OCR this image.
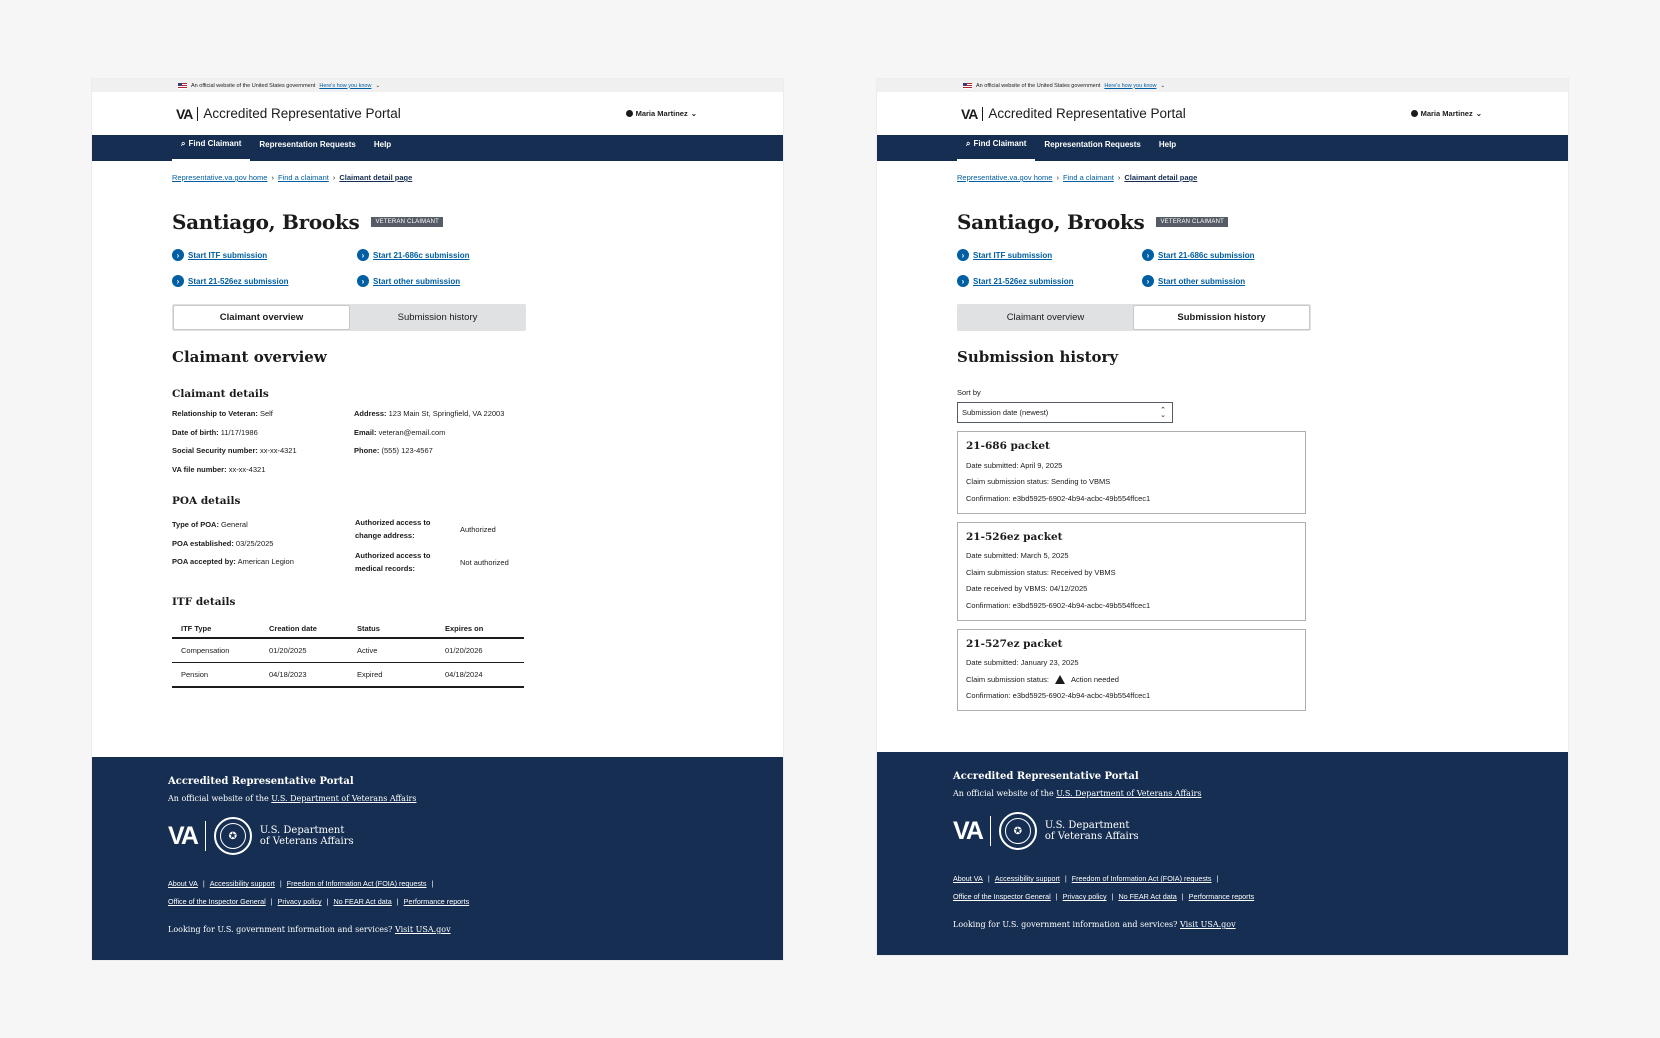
An official website of the United States government Here's how you know ⌄
VA Accredited Representative Portal	Maria Martinez ⌄
⌕ Find Claimant Representation Requests Help
Representative.va.gov home › Find a claimant › Claimant detail page
Santiago, Brooks	VETERAN CLAIMANT
›	Start ITF submission	›	Start 21-686c submission
›	Start 21-526ez submission	›	Start other submission
Claimant overview	Submission history
Claimant overview
Claimant details
Relationship to Veteran: Self
Date of birth: 11/17/1986
Social Security number: xx-xx-4321
VA file number: xx-xx-4321
Address: 123 Main St, Springfield, VA 22003
Email: veteran@email.com
Phone: (555) 123-4567
POA details
Type of POA: General
POA established: 03/25/2025
POA accepted by: American Legion
Authorized access to
change address:
Authorized
Authorized access to
medical records:
Not authorized
ITF details
ITF Type	Creation date	Status	Expires on
Compensation	01/20/2025	Active	01/20/2026
Pension	04/18/2023	Expired	04/18/2024
Accredited Representative Portal
An official website of the U.S. Department of Veterans Affairs
VA	✪	U.S. Department
of Veterans Affairs
About VA | Accessibility support | Freedom of Information Act (FOIA) requests |
Office of the Inspector General | Privacy policy | No FEAR Act data | Performance reports
Looking for U.S. government information and services? Visit USA.gov
An official website of the United States government Here's how you know ⌄
VA Accredited Representative Portal	Maria Martinez ⌄
⌕ Find Claimant Representation Requests Help
Representative.va.gov home › Find a claimant › Claimant detail page
Santiago, Brooks	VETERAN CLAIMANT
›	Start ITF submission	›	Start 21-686c submission
›	Start 21-526ez submission	›	Start other submission
Claimant overview	Submission history
Submission history
Sort by
Submission date (newest)	⌃
⌄
21-686 packet
Date submitted: April 9, 2025
Claim submission status: Sending to VBMS
Confirmation: e3bd5925-6902-4b94-acbc-49b554ffcec1
21-526ez packet
Date submitted: March 5, 2025
Claim submission status: Received by VBMS
Date received by VBMS: 04/12/2025
Confirmation: e3bd5925-6902-4b94-acbc-49b554ffcec1
21-527ez packet
Date submitted: January 23, 2025
Claim submission status:	Action needed
Confirmation: e3bd5925-6902-4b94-acbc-49b554ffcec1
Accredited Representative Portal
An official website of the U.S. Department of Veterans Affairs
VA	✪	U.S. Department
of Veterans Affairs
About VA | Accessibility support | Freedom of Information Act (FOIA) requests |
Office of the Inspector General | Privacy policy | No FEAR Act data | Performance reports
Looking for U.S. government information and services? Visit USA.gov
